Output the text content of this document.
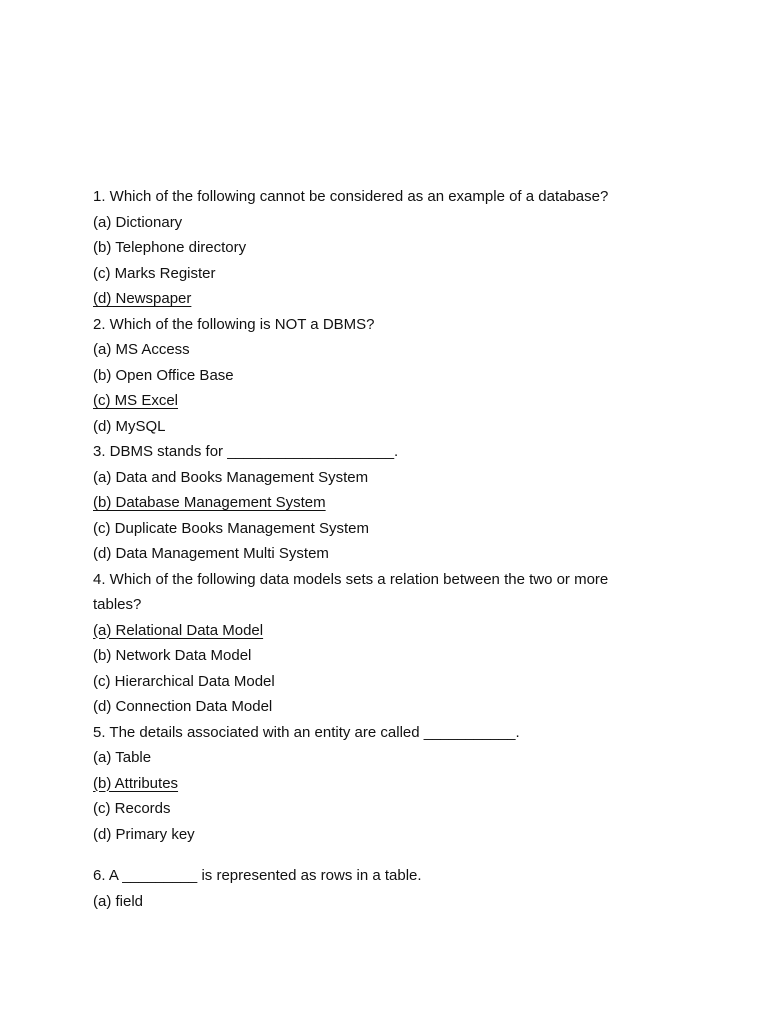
1. Which of the following cannot be considered as an example of a database?
(a) Dictionary
(b) Telephone directory
(c) Marks Register
(d) Newspaper
2. Which of the following is NOT a DBMS?
(a) MS Access
(b) Open Office Base
(c) MS Excel
(d) MySQL
3. DBMS stands for ____________________.
(a) Data and Books Management System
(b) Database Management System
(c) Duplicate Books Management System
(d) Data Management Multi System
4. Which of the following data models sets a relation between the two or more tables?
(a) Relational Data Model
(b) Network Data Model
(c) Hierarchical Data Model
(d) Connection Data Model
5. The details associated with an entity are called ___________.
(a) Table
(b) Attributes
(c) Records
(d) Primary key
6. A _________ is represented as rows in a table.
(a) field
